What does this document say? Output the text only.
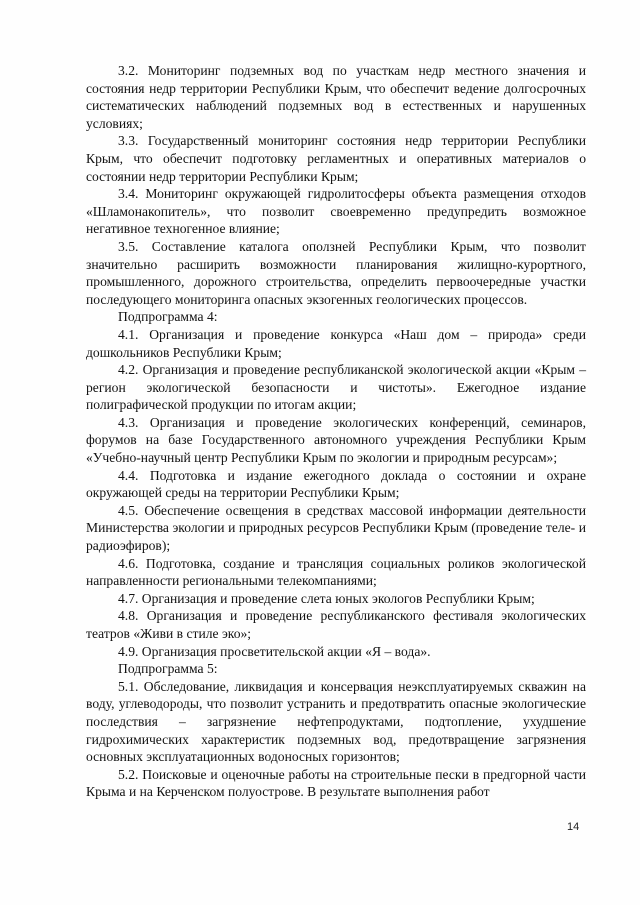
3.2. Мониторинг подземных вод по участкам недр местного значения и состояния недр территории Республики Крым, что обеспечит ведение долгосрочных систематических наблюдений подземных вод в естественных и нарушенных условиях;

3.3. Государственный мониторинг состояния недр территории Республики Крым, что обеспечит подготовку регламентных и оперативных материалов о состоянии недр территории Республики Крым;

3.4. Мониторинг окружающей гидролитосферы объекта размещения отходов «Шламонакопитель», что позволит своевременно предупредить возможное негативное техногенное влияние;

3.5. Составление каталога оползней Республики Крым, что позволит значительно расширить возможности планирования жилищно-курортного, промышленного, дорожного строительства, определить первоочередные участки последующего мониторинга опасных экзогенных геологических процессов.

Подпрограмма 4:

4.1. Организация и проведение конкурса «Наш дом – природа» среди дошкольников Республики Крым;

4.2. Организация и проведение республиканской экологической акции «Крым – регион экологической безопасности и чистоты». Ежегодное издание полиграфической продукции по итогам акции;

4.3. Организация и проведение экологических конференций, семинаров, форумов на базе Государственного автономного учреждения Республики Крым «Учебно-научный центр Республики Крым по экологии и природным ресурсам»;

4.4. Подготовка и издание ежегодного доклада о состоянии и охране окружающей среды на территории Республики Крым;

4.5. Обеспечение освещения в средствах массовой информации деятельности Министерства экологии и природных ресурсов Республики Крым (проведение теле- и радиоэфиров);

4.6. Подготовка, создание и трансляция социальных роликов экологической направленности региональными телекомпаниями;

4.7. Организация и проведение слета юных экологов Республики Крым;

4.8. Организация и проведение республиканского фестиваля экологических театров «Живи в стиле эко»;

4.9. Организация просветительской акции «Я – вода».

Подпрограмма 5:

5.1. Обследование, ликвидация и консервация неэксплуатируемых скважин на воду, углеводороды, что позволит устранить и предотвратить опасные экологические последствия – загрязнение нефтепродуктами, подтопление, ухудшение гидрохимических характеристик подземных вод, предотвращение загрязнения основных эксплуатационных водоносных горизонтов;

5.2. Поисковые и оценочные работы на строительные пески в предгорной части Крыма и на Керченском полуострове. В результате выполнения работ

14
